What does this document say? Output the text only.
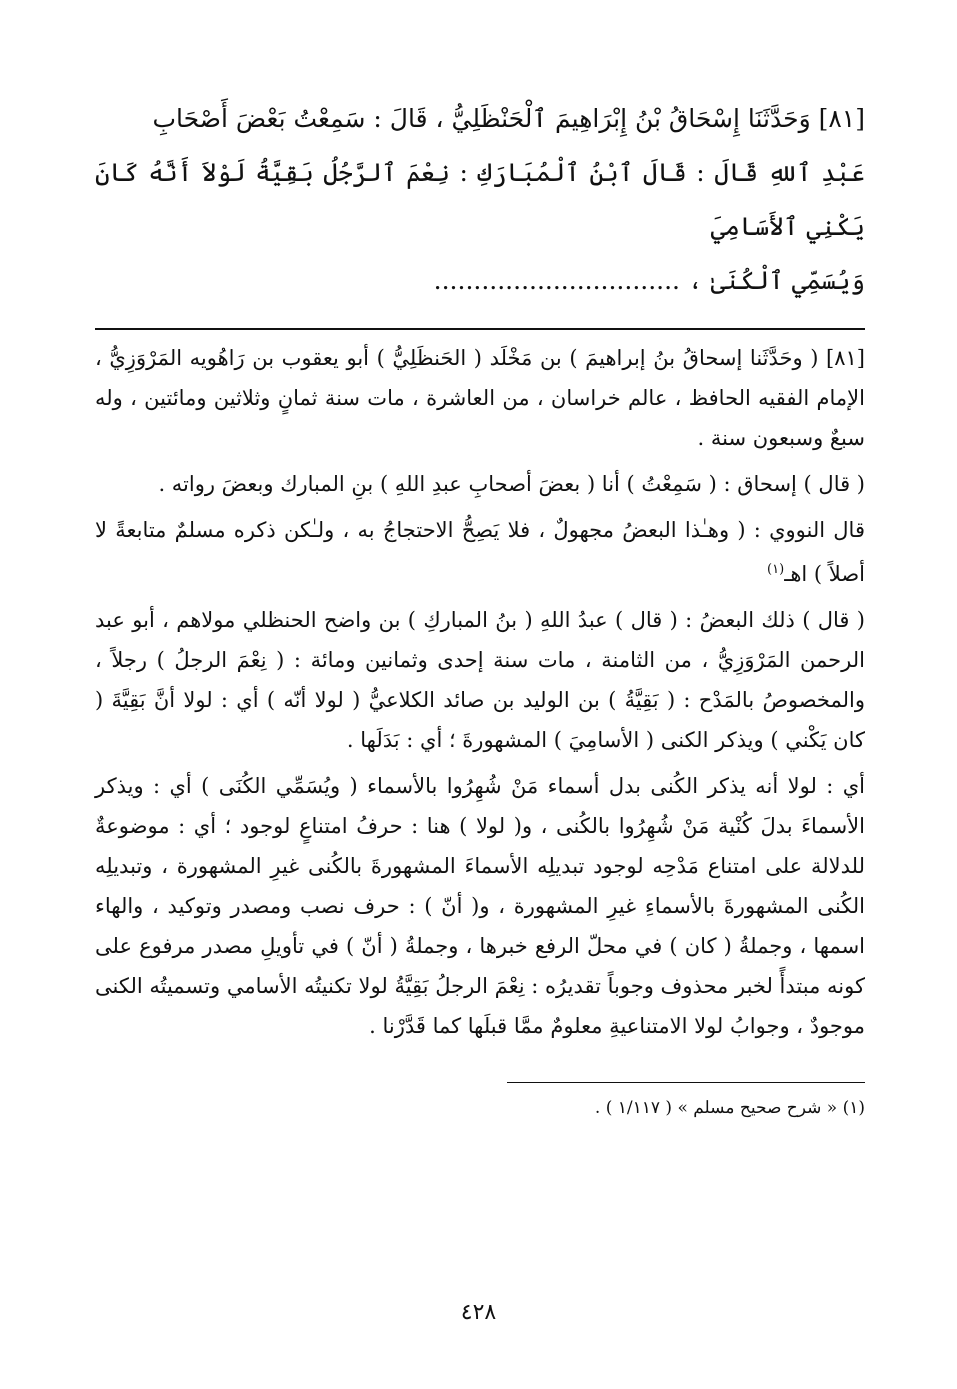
[٨١] وَحَدَّثَنَا إِسْحَاقُ بْنُ إِبْرَاهِيمَ ٱلْحَنْظَلِيُّ ، قَالَ : سَمِعْتُ بَعْضَ أَصْحَابِ
عَبْدِ ٱللهِ قَالَ : قَالَ ٱبْنُ ٱلْمُبَارَكِ : نِعْمَ ٱلرَّجُلُ بَقِيَّةُ لَوْلاَ أَنَّهُ كَانَ يَكْنِي ٱلأَسَامِيَ
وَيُسَمِّي ٱلْكُنَىٰ ، ...............................

[٨١] ( وحَدَّثَنا إسحاقُ بنُ إبراهيمَ ) بن مَخْلَد ( الحَنظَلِيُّ ) أبو يعقوب بن رَاهُويه المَرْوَزِيُّ ، الإمام الفقيه الحافظ ، عالم خراسان ، من العاشرة ، مات سنة ثمانٍ وثلاثين ومائتين ، وله سبعٌ وسبعون سنة .

( قال ) إسحاق : ( سَمِعْتُ ) أنا ( بعضَ أصحابِ عبدِ اللهِ ) بنِ المبارك وبعضَ رواته .

قال النووي : ( وهـٰذا البعضُ مجهولٌ ، فلا يَصِحُّ الاحتجاجُ به ، ولـٰكن ذكره مسلمٌ متابعةً لا أصلاً ) اهـ$^{(١)}$

( قال ) ذلك البعضُ : ( قال ) عبدُ اللهِ ( بنُ المباركِ ) بن واضح الحنظلي مولاهم ، أبو عبد الرحمن المَرْوَزِيُّ ، من الثامنة ، مات سنة إحدى وثمانين ومائة : ( نِعْمَ الرجلُ ) رجلاً ، والمخصوصُ بالمَدْح : ( بَقِيَّةُ ) بن الوليد بن صائد الكلاعيُّ ( لولا أنّه ) أي : لولا أنَّ بَقِيَّةَ ( كان يَكْني ) ويذكر الكنى ( الأسامِيَ ) المشهورةَ ؛ أي : بَدَلَها .

أي : لولا أنه يذكر الكُنى بدل أسماء مَنْ شُهِرُوا بالأسماء ( ويُسَمِّي الكُنَى ) أي : ويذكر الأسماءَ بدلَ كُنْية مَنْ شُهِرُوا بالكُنى ، و( لولا ) هنا : حرفُ امتناعٍ لوجود ؛ أي : موضوعةٌ للدلالة على امتناع مَدْحِه لوجود تبديلِه الأسماءَ المشهورةَ بالكُنى غيرِ المشهورة ، وتبديلِه الكُنى المشهورةَ بالأسماءِ غيرِ المشهورة ، و( أنّ ) : حرف نصب ومصدر وتوكيد ، والهاء اسمها ، وجملةُ ( كان ) في محلّ الرفع خبرها ، وجملةُ ( أنّ ) في تأويلِ مصدر مرفوع على كونه مبتدأً لخبر محذوف وجوباً تقديرُه : نِعْمَ الرجلُ بَقِيَّةُ لولا تكنيتُه الأسامي وتسميتُه الكنى موجودٌ ، وجوابُ لولا الامتناعيةِ معلومٌ ممَّا قبلَها كما قَدَّرْنا .

(١) « شرح صحيح مسلم » ( ١/١١٧ ) .
٤٢٨
